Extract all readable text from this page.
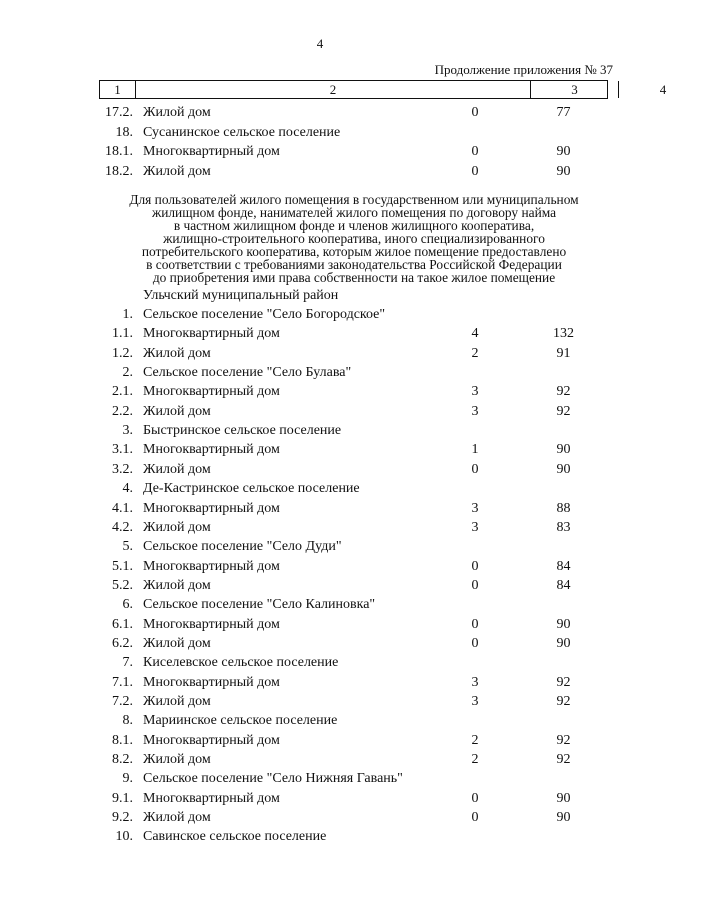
4
Продолжение приложения № 37
1	2	3	4
17.2. Жилой дом	0	77
18. Сусанинское сельское поселение
18.1. Многоквартирный дом	0	90
18.2. Жилой дом	0	90
Для пользователей жилого помещения в государственном или муниципальном
жилищном фонде, нанимателей жилого помещения по договору найма
в частном жилищном фонде и членов жилищного кооператива,
жилищно-строительного кооператива, иного специализированного
потребительского кооператива, которым жилое помещение предоставлено
в соответствии с требованиями законодательства Российской Федерации
до приобретения ими права собственности на такое жилое помещение
Ульчский муниципальный район
1. Сельское поселение "Село Богородское"
1.1. Многоквартирный дом	4	132
1.2. Жилой дом	2	91
2. Сельское поселение "Село Булава"
2.1. Многоквартирный дом	3	92
2.2. Жилой дом	3	92
3. Быстринское сельское поселение
3.1. Многоквартирный дом	1	90
3.2. Жилой дом	0	90
4. Де-Кастринское сельское поселение
4.1. Многоквартирный дом	3	88
4.2. Жилой дом	3	83
5. Сельское поселение "Село Дуди"
5.1. Многоквартирный дом	0	84
5.2. Жилой дом	0	84
6. Сельское поселение "Село Калиновка"
6.1. Многоквартирный дом	0	90
6.2. Жилой дом	0	90
7. Киселевское сельское поселение
7.1. Многоквартирный дом	3	92
7.2. Жилой дом	3	92
8. Мариинское сельское поселение
8.1. Многоквартирный дом	2	92
8.2. Жилой дом	2	92
9. Сельское поселение "Село Нижняя Гавань"
9.1. Многоквартирный дом	0	90
9.2. Жилой дом	0	90
10. Савинское сельское поселение
